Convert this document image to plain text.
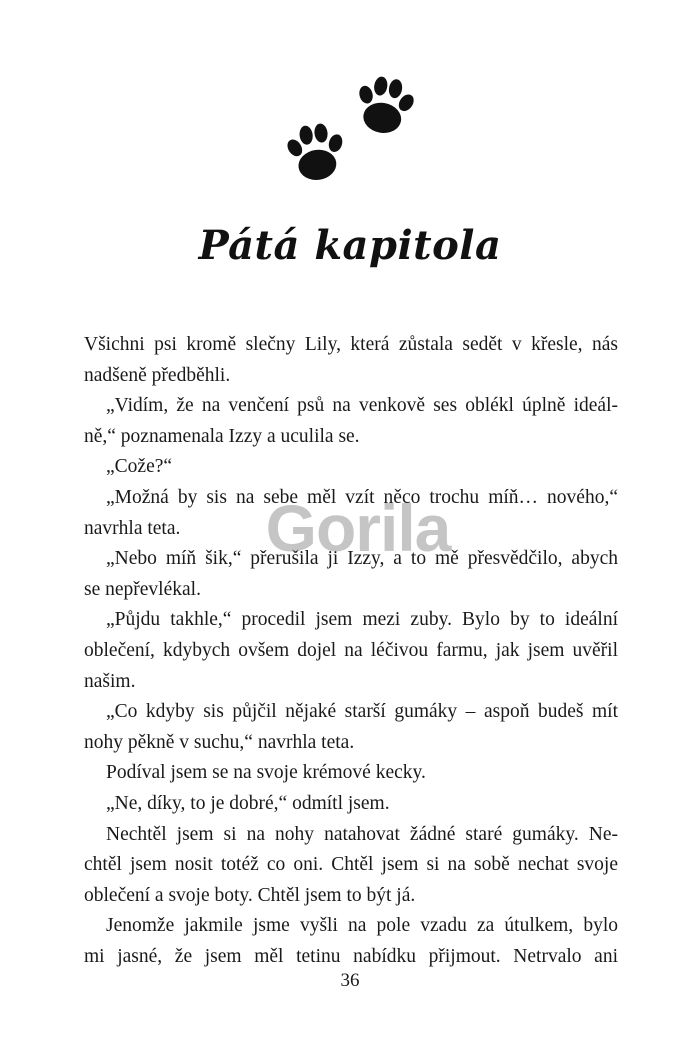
Pátá kapitola
Všichni psi kromě slečny Lily, která zůstala sedět v křesle, nás
nadšeně předběhli.
„Vidím, že na venčení psů na venkově ses oblékl úplně ideál-
ně,“ poznamenala Izzy a uculila se.
„Cože?“
„Možná by sis na sebe měl vzít něco trochu míň… nového,“
navrhla teta.
„Nebo míň šik,“ přerušila ji Izzy, a to mě přesvědčilo, abych
se nepřevlékal.
„Půjdu takhle,“ procedil jsem mezi zuby. Bylo by to ideální
oblečení, kdybych ovšem dojel na léčivou farmu, jak jsem uvěřil
našim.
„Co kdyby sis půjčil nějaké starší gumáky – aspoň budeš mít
nohy pěkně v suchu,“ navrhla teta.
Podíval jsem se na svoje krémové kecky.
„Ne, díky, to je dobré,“ odmítl jsem.
Nechtěl jsem si na nohy natahovat žádné staré gumáky. Ne-
chtěl jsem nosit totéž co oni. Chtěl jsem si na sobě nechat svoje
oblečení a svoje boty. Chtěl jsem to být já.
Jenomže jakmile jsme vyšli na pole vzadu za útulkem, bylo
mi jasné, že jsem měl tetinu nabídku přijmout. Netrvalo ani
Gorila
36
